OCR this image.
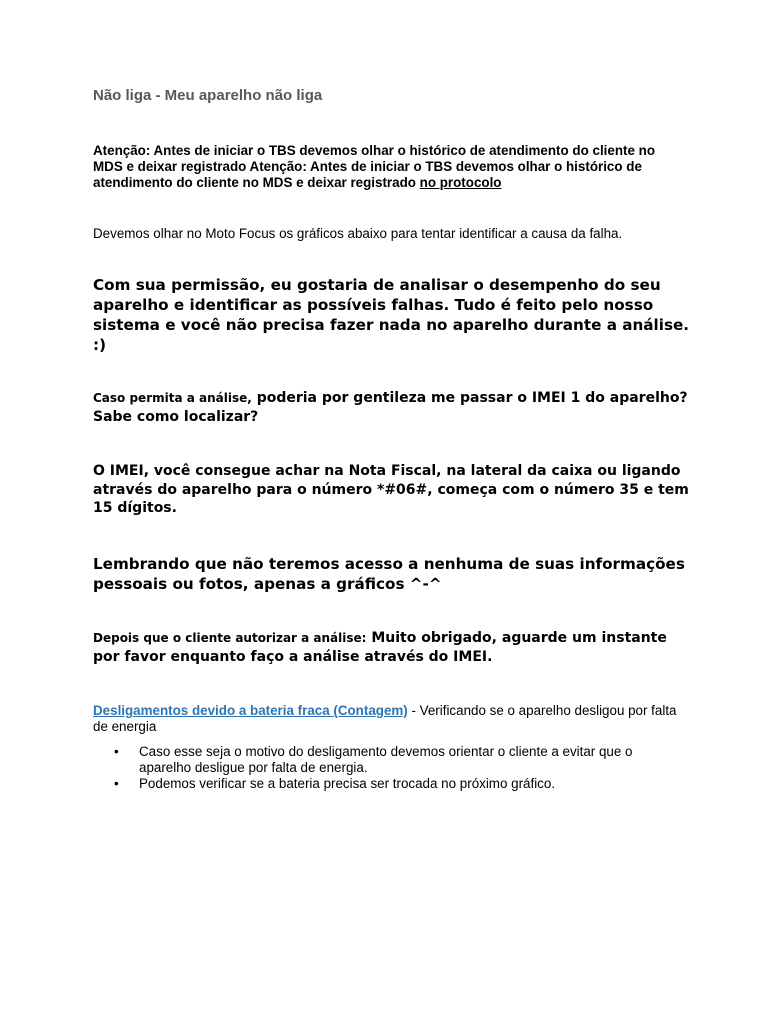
Não liga - Meu aparelho não liga

Atenção: Antes de iniciar o TBS devemos olhar o histórico de atendimento do cliente no MDS e deixar registrado Atenção: Antes de iniciar o TBS devemos olhar o histórico de atendimento do cliente no MDS e deixar registrado no protocolo

Devemos olhar no Moto Focus os gráficos abaixo para tentar identificar a causa da falha.

Com sua permissão, eu gostaria de analisar o desempenho do seu aparelho e identificar as possíveis falhas. Tudo é feito pelo nosso sistema e você não precisa fazer nada no aparelho durante a análise. :)

Caso permita a análise, poderia por gentileza me passar o IMEI 1 do aparelho? Sabe como localizar?

O IMEI, você consegue achar na Nota Fiscal, na lateral da caixa ou ligando através do aparelho para o número *#06#, começa com o número 35 e tem 15 dígitos.

Lembrando que não teremos acesso a nenhuma de suas informações pessoais ou fotos, apenas a gráficos ^-^

Depois que o cliente autorizar a análise: Muito obrigado, aguarde um instante por favor enquanto faço a análise através do IMEI.

Desligamentos devido a bateria fraca (Contagem) - Verificando se o aparelho desligou por falta de energia

• Caso esse seja o motivo do desligamento devemos orientar o cliente a evitar que o aparelho desligue por falta de energia.
• Podemos verificar se a bateria precisa ser trocada no próximo gráfico.
